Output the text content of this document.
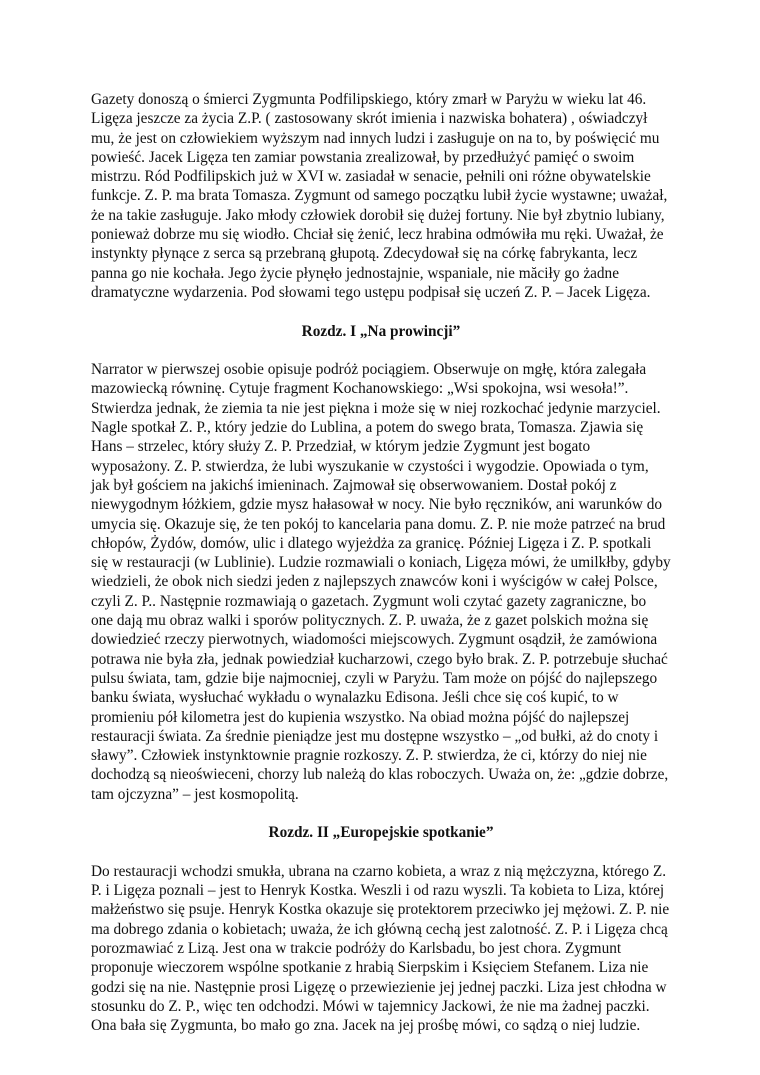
Gazety donoszą o śmierci Zygmunta Podfilipskiego, który zmarł w Paryżu w wieku lat 46. Ligęza jeszcze za życia Z.P. ( zastosowany skrót imienia i nazwiska bohatera) , oświadczył mu, że jest on człowiekiem wyższym nad innych ludzi i zasługuje on na to, by poświęcić mu powieść. Jacek Ligęza ten zamiar powstania zrealizował, by przedłużyć pamięć o swoim mistrzu. Ród Podfilipskich już w XVI w. zasiadał w senacie, pełnili oni różne obywatelskie funkcje. Z. P. ma brata Tomasza. Zygmunt od samego początku lubił życie wystawne; uważał, że na takie zasługuje. Jako młody człowiek dorobił się dużej fortuny. Nie był zbytnio lubiany, ponieważ dobrze mu się wiodło. Chciał się żenić, lecz hrabina odmówiła mu ręki. Uważał, że instynkty płynące z serca są przebraną głupotą. Zdecydował się na córkę fabrykanta, lecz panna go nie kochała. Jego życie płynęło jednostajnie, wspaniale, nie măciły go żadne dramatyczne wydarzenia. Pod słowami tego ustępu podpisał się uczeń Z. P. – Jacek Ligęza.

Rozdz. I „Na prowincji”

Narrator w pierwszej osobie opisuje podróż pociągiem. Obserwuje on mgłę, która zalegała mazowiecką równinę. Cytuje fragment Kochanowskiego: „Wsi spokojna, wsi wesoła!”. Stwierdza jednak, że ziemia ta nie jest piękna i może się w niej rozkochać jedynie marzyciel. Nagle spotkał Z. P., który jedzie do Lublina, a potem do swego brata, Tomasza. Zjawia się Hans – strzelec, który służy Z. P. Przedział, w którym jedzie Zygmunt jest bogato wyposażony. Z. P. stwierdza, że lubi wyszukanie w czystości i wygodzie. Opowiada o tym, jak był gościem na jakichś imieninach. Zajmował się obserwowaniem. Dostał pokój z niewygodnym łóżkiem, gdzie mysz hałasował w nocy. Nie było ręczników, ani warunków do umycia się. Okazuje się, że ten pokój to kancelaria pana domu. Z. P. nie może patrzeć na brud chłopów, Żydów, domów, ulic i dlatego wyjeżdża za granicę. Później Ligęza i Z. P. spotkali się w restauracji (w Lublinie). Ludzie rozmawiali o koniach, Ligęza mówi, że umilkłby, gdyby wiedzieli, że obok nich siedzi jeden z najlepszych znawców koni i wyścigów w całej Polsce, czyli Z. P.. Następnie rozmawiają o gazetach. Zygmunt woli czytać gazety zagraniczne, bo one dają mu obraz walki i sporów politycznych. Z. P. uważa, że z gazet polskich można się dowiedzieć rzeczy pierwotnych, wiadomości miejscowych. Zygmunt osądził, że zamówiona potrawa nie była zła, jednak powiedział kucharzowi, czego było brak. Z. P. potrzebuje słuchać pulsu świata, tam, gdzie bije najmocniej, czyli w Paryżu. Tam może on pójść do najlepszego banku świata, wysłuchać wykładu o wynalazku Edisona. Jeśli chce się coś kupić, to w promieniu pół kilometra jest do kupienia wszystko. Na obiad można pójść do najlepszej restauracji świata. Za średnie pieniądze jest mu dostępne wszystko – „od bułki, aż do cnoty i sławy”. Człowiek instynktownie pragnie rozkoszy. Z. P. stwierdza, że ci, którzy do niej nie dochodzą są nieoświeceni, chorzy lub należą do klas roboczych. Uważa on, że: „gdzie dobrze, tam ojczyzna” – jest kosmopolitą.

Rozdz. II „Europejskie spotkanie”

Do restauracji wchodzi smukła, ubrana na czarno kobieta, a wraz z nią mężczyzna, którego Z. P. i Ligęza poznali – jest to Henryk Kostka. Weszli i od razu wyszli. Ta kobieta to Liza, której małżeństwo się psuje. Henryk Kostka okazuje się protektorem przeciwko jej mężowi. Z. P. nie ma dobrego zdania o kobietach; uważa, że ich główną cechą jest zalotność. Z. P. i Ligęza chcą porozmawiać z Lizą. Jest ona w trakcie podróży do Karlsbadu, bo jest chora. Zygmunt proponuje wieczorem wspólne spotkanie z hrabią Sierpskim i Księciem Stefanem. Liza nie godzi się na nie. Następnie prosi Ligęzę o przewiezienie jej jednej paczki. Liza jest chłodna w stosunku do Z. P., więc ten odchodzi. Mówi w tajemnicy Jackowi, że nie ma żadnej paczki. Ona bała się Zygmunta, bo mało go zna. Jacek na jej prośbę mówi, co sądzą o niej ludzie.
